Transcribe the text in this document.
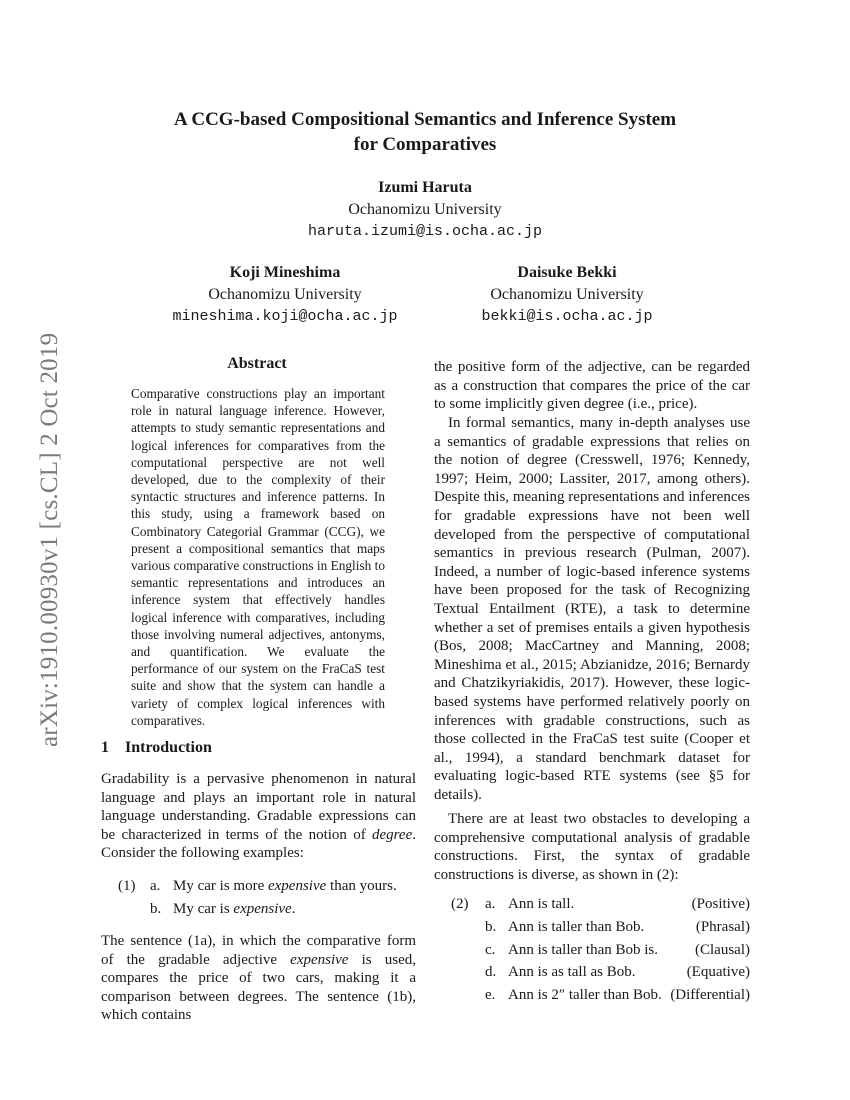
A CCG-based Compositional Semantics and Inference System
for Comparatives
Izumi Haruta
Ochanomizu University
haruta.izumi@is.ocha.ac.jp
Koji Mineshima
Ochanomizu University
mineshima.koji@ocha.ac.jp
Daisuke Bekki
Ochanomizu University
bekki@is.ocha.ac.jp
arXiv:1910.00930v1 [cs.CL] 2 Oct 2019	Abstract
Comparative constructions play an important role in natural language inference. However, attempts to study semantic representations and logical inferences for comparatives from the computational perspective are not well developed, due to the complexity of their syntactic structures and inference patterns. In this study, using a framework based on Combinatory Categorial Grammar (CCG), we present a compositional semantics that maps various comparative constructions in English to semantic representations and introduces an inference system that effectively handles logical inference with comparatives, including those involving numeral adjectives, antonyms, and quantification. We evaluate the performance of our system on the FraCaS test suite and show that the system can handle a variety of complex logical inferences with comparatives.
1 Introduction
Gradability is a pervasive phenomenon in natural language and plays an important role in natural language understanding. Gradable expressions can be characterized in terms of the notion of degree. Consider the following examples:
(1) a. My car is more expensive than yours.
b. My car is expensive.
The sentence (1a), in which the comparative form of the gradable adjective expensive is used, compares the price of two cars, making it a comparison between degrees. The sentence (1b), which contains
the positive form of the adjective, can be regarded as a construction that compares the price of the car to some implicitly given degree (i.e., price).
In formal semantics, many in-depth analyses use a semantics of gradable expressions that relies on the notion of degree (Cresswell, 1976; Kennedy, 1997; Heim, 2000; Lassiter, 2017, among others). Despite this, meaning representations and inferences for gradable expressions have not been well developed from the perspective of computational semantics in previous research (Pulman, 2007). Indeed, a number of logic-based inference systems have been proposed for the task of Recognizing Textual Entailment (RTE), a task to determine whether a set of premises entails a given hypothesis (Bos, 2008; MacCartney and Manning, 2008; Mineshima et al., 2015; Abzianidze, 2016; Bernardy and Chatzikyriakidis, 2017). However, these logic-based systems have performed relatively poorly on inferences with gradable constructions, such as those collected in the FraCaS test suite (Cooper et al., 1994), a standard benchmark dataset for evaluating logic-based RTE systems (see §5 for details).
There are at least two obstacles to developing a comprehensive computational analysis of gradable constructions. First, the syntax of gradable constructions is diverse, as shown in (2):
(2) a. Ann is tall.	(Positive)
b. Ann is taller than Bob.	(Phrasal)
c. Ann is taller than Bob is. (Clausal)
d. Ann is as tall as Bob.	(Equative)
e. Ann is 2″ taller than Bob. (Differential)
